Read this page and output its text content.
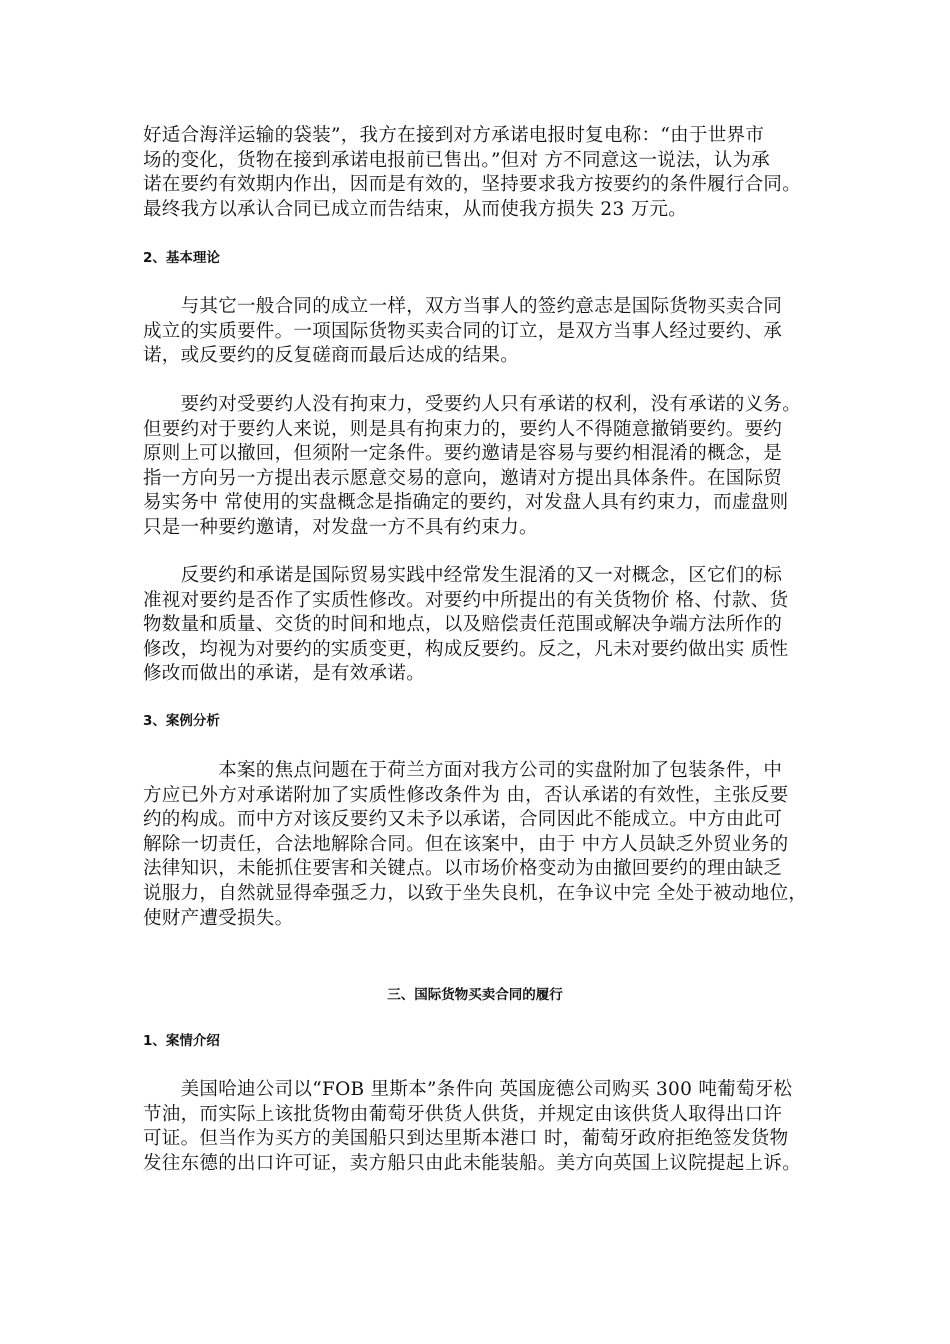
好适合海洋运输的袋装”，我方在接到对方承诺电报时复电称：“由于世界市
场的变化，货物在接到承诺电报前已售出。”但对 方不同意这一说法，认为承
诺在要约有效期内作出，因而是有效的，坚持要求我方按要约的条件履行合同。
最终我方以承认合同已成立而告结束，从而使我方损失 23 万元。

2、基本理论

　　与其它一般合同的成立一样，双方当事人的签约意志是国际货物买卖合同
成立的实质要件。一项国际货物买卖合同的订立，是双方当事人经过要约、承
诺，或反要约的反复磋商而最后达成的结果。

　　要约对受要约人没有拘束力，受要约人只有承诺的权利，没有承诺的义务。
但要约对于要约人来说，则是具有拘束力的，要约人不得随意撤销要约。要约
原则上可以撤回，但须附一定条件。要约邀请是容易与要约相混淆的概念，是
指一方向另一方提出表示愿意交易的意向，邀请对方提出具体条件。在国际贸
易实务中 常使用的实盘概念是指确定的要约，对发盘人具有约束力，而虚盘则
只是一种要约邀请，对发盘一方不具有约束力。

　　反要约和承诺是国际贸易实践中经常发生混淆的又一对概念，区它们的标
准视对要约是否作了实质性修改。对要约中所提出的有关货物价 格、付款、货
物数量和质量、交货的时间和地点，以及赔偿责任范围或解决争端方法所作的
修改，均视为对要约的实质变更，构成反要约。反之，凡未对要约做出实 质性
修改而做出的承诺，是有效承诺。

3、案例分析

　　　　本案的焦点问题在于荷兰方面对我方公司的实盘附加了包装条件，中
方应已外方对承诺附加了实质性修改条件为 由，否认承诺的有效性，主张反要
约的构成。而中方对该反要约又未予以承诺，合同因此不能成立。中方由此可
解除一切责任，合法地解除合同。但在该案中，由于 中方人员缺乏外贸业务的
法律知识，未能抓住要害和关键点。以市场价格变动为由撤回要约的理由缺乏
说服力，自然就显得牵强乏力，以致于坐失良机，在争议中完 全处于被动地位，
使财产遭受损失。

三、国际货物买卖合同的履行
1、案情介绍

　　美国哈迪公司以“FOB 里斯本”条件向 英国庞德公司购买 300 吨葡萄牙松
节油，而实际上该批货物由葡萄牙供货人供货，并规定由该供货人取得出口许
可证。但当作为买方的美国船只到达里斯本港口 时，葡萄牙政府拒绝签发货物
发往东德的出口许可证，卖方船只由此未能装船。美方向英国上议院提起上诉。
